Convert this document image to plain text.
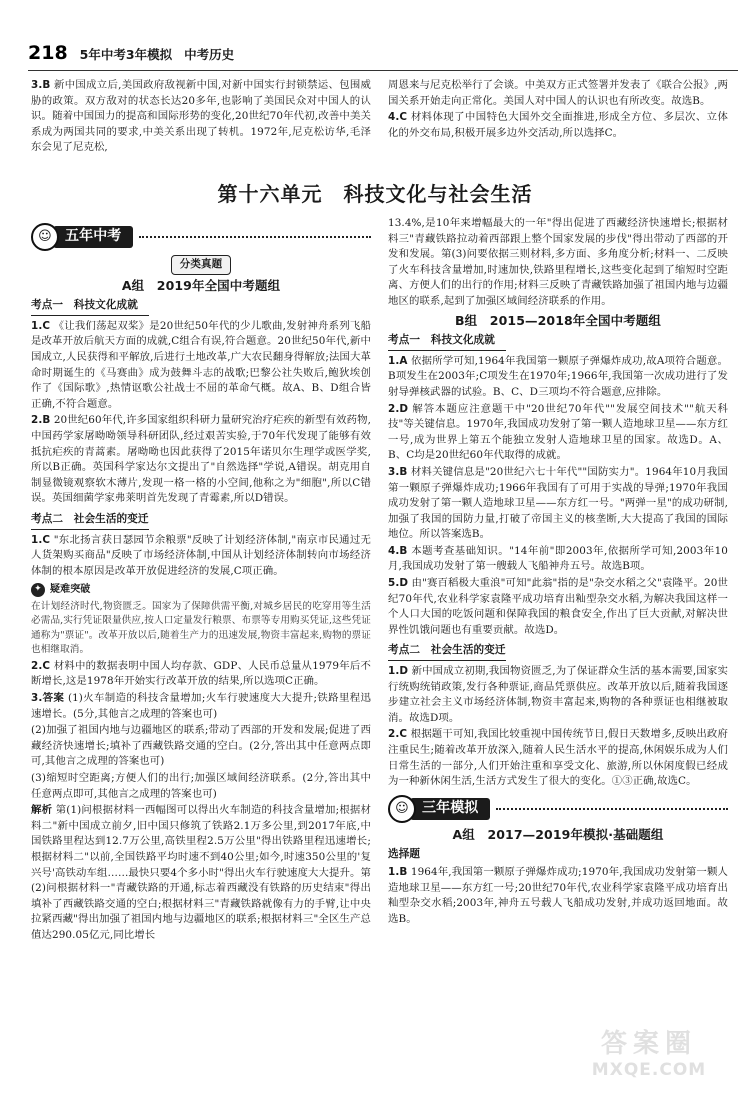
218 5年中考3年模拟 中考历史

3.B 新中国成立后,美国政府敌视新中国,对新中国实行封锁禁运、包围威胁的政策。双方敌对的状态长达20多年,也影响了美国民众对中国人的认识。随着中国国力的提高和国际形势的变化,20世纪70年代初,改善中美关系成为两国共同的要求,中美关系出现了转机。1972年,尼克松访华,毛泽东会见了尼克松,

周恩来与尼克松举行了会谈。中美双方正式签署并发表了《联合公报》,两国关系开始走向正常化。美国人对中国人的认识也有所改变。故选B。

4.C 材料体现了中国特色大国外交全面推进,形成全方位、多层次、立体化的外交布局,积极开展多边外交活动,所以选择C。

第十六单元　科技文化与社会生活
☺ 五年中考
分类真题
A组　2019年全国中考题组
考点一　科技文化成就

1.C 《让我们荡起双桨》是20世纪50年代的少儿歌曲,发射神舟系列飞船是改革开放后航天方面的成就,C组合有误,符合题意。20世纪50年代,新中国成立,人民获得和平解放,后进行土地改革,广大农民翻身得解放;法国大革命时期诞生的《马赛曲》成为鼓舞斗志的战歌;巴黎公社失败后,鲍狄埃创作了《国际歌》,热情讴歌公社战士不屈的革命气概。故A、B、D组合皆正确,不符合题意。

2.B 20世纪60年代,许多国家组织科研力量研究治疗疟疾的新型有效药物,中国药学家屠呦呦领导科研团队,经过艰苦实验,于70年代发现了能够有效抵抗疟疾的青蒿素。屠呦呦也因此获得了2015年诺贝尔生理学或医学奖,所以B正确。英国科学家达尔文提出了"自然选择"学说,A错误。胡克用自制显微镜观察软木薄片,发现一格一格的小空间,他称之为"细胞",所以C错误。英国细菌学家弗莱明首先发现了青霉素,所以D错误。

考点二　社会生活的变迁

1.C "东北扬言获日瑟园节余粮票"反映了计划经济体制,"南京市民通过无人货架购买商品"反映了市场经济体制,中国从计划经济体制转向市场经济体制的根本原因是改革开放促进经济的发展,C项正确。

✦ 疑难突破

在计划经济时代,物资匮乏。国家为了保障供需平衡,对城乡居民的吃穿用等生活必需品,实行凭证限量供应,按人口定量发行粮票、布票等专用购买凭证,这些凭证通称为"票证"。改革开放以后,随着生产力的迅速发展,物资丰富起来,购物的票证也相继取消。

2.C 材料中的数据表明中国人均存款、GDP、人民币总量从1979年后不断增长,这是1978年开始实行改革开放的结果,所以选项C正确。

3.答案 (1)火车制造的科技含量增加;火车行驶速度大大提升;铁路里程迅速增长。(5分,其他言之成理的答案也可)

(2)加强了祖国内地与边疆地区的联系;带动了西部的开发和发展;促进了西藏经济快速增长;填补了西藏铁路交通的空白。(2分,答出其中任意两点即可,其他言之成理的答案也可)

(3)缩短时空距离;方便人们的出行;加强区域间经济联系。(2分,答出其中任意两点即可,其他言之成理的答案也可)

解析 第(1)问根据材料一西幅图可以得出火车制造的科技含量增加;根据材料二"新中国成立前夕,旧中国只修筑了铁路2.1万多公里,到2017年底,中国铁路里程达到12.7万公里,高铁里程2.5万公里"得出铁路里程迅速增长;根据材料二"以前,全国铁路平均时速不到40公里;如今,时速350公里的'复兴号'高铁动车组……最快只要4个多小时"得出火车行驶速度大大提升。第(2)问根据材料一"青藏铁路的开通,标志着西藏没有铁路的历史结束"得出填补了西藏铁路交通的空白;根据材料三"青藏铁路就像有力的手臂,让中央拉紧西藏"得出加强了祖国内地与边疆地区的联系;根据材料三"全区生产总值达290.05亿元,同比增长

13.4%,是10年来增幅最大的一年"得出促进了西藏经济快速增长;根据材料三"青藏铁路拉动着西部跟上整个国家发展的步伐"得出带动了西部的开发和发展。第(3)问要依据三则材料,多方面、多角度分析;材料一、二反映了火车科技含量增加,时速加快,铁路里程增长,这些变化起到了缩短时空距离、方便人们的出行的作用;材料三反映了青藏铁路加强了祖国内地与边疆地区的联系,起到了加强区域间经济联系的作用。

B组　2015—2018年全国中考题组
考点一　科技文化成就

1.A 依据所学可知,1964年我国第一颗原子弹爆炸成功,故A项符合题意。B项发生在2003年;C项发生在1970年;1966年,我国第一次成功进行了发射导弹核武器的试验。B、C、D三项均不符合题意,应排除。

2.D 解答本题应注意题干中"20世纪70年代""发展空间技术""航天科技"等关键信息。1970年,我国成功发射了第一颗人造地球卫星——东方红一号,成为世界上第五个能独立发射人造地球卫星的国家。故选D。A、B、C均是20世纪60年代取得的成就。

3.B 材料关键信息是"20世纪六七十年代""国防实力"。1964年10月我国第一颗原子弹爆炸成功;1966年我国有了可用于实战的导弹;1970年我国成功发射了第一颗人造地球卫星——东方红一号。"两弹一星"的成功研制,加强了我国的国防力量,打破了帝国主义的核垄断,大大提高了我国的国际地位。所以答案选B。

4.B 本题考查基础知识。"14年前"即2003年,依据所学可知,2003年10月,我国成功发射了第一艘载人飞船神舟五号。故选B项。

5.D 由"赛百稻极大重浪"可知"此翁"指的是"杂交水稻之父"袁隆平。20世纪70年代,农业科学家袁隆平成功培育出籼型杂交水稻,为解决我国这样一个人口大国的吃饭问题和保障我国的粮食安全,作出了巨大贡献,对解决世界性饥饿问题也有重要贡献。故选D。

考点二　社会生活的变迁

1.D 新中国成立初期,我国物资匮乏,为了保证群众生活的基本需要,国家实行统购统销政策,发行各种票证,商品凭票供应。改革开放以后,随着我国逐步建立社会主义市场经济体制,物资丰富起来,购物的各种票证也相继被取消。故选D项。

2.C 根据题干可知,我国比较重视中国传统节日,假日天数增多,反映出政府注重民生;随着改革开放深入,随着人民生活水平的提高,休闲娱乐成为人们日常生活的一部分,人们开始注重和享受文化、旅游,所以休闲度假已经成为一种新休闲生活,生活方式发生了很大的变化。①③正确,故选C。

☺ 三年模拟
A组　2017—2019年模拟·基础题组
选择题

1.B 1964年,我国第一颗原子弹爆炸成功;1970年,我国成功发射第一颗人造地球卫星——东方红一号;20世纪70年代,农业科学家袁隆平成功培育出籼型杂交水稻;2003年,神舟五号载人飞船成功发射,并成功返回地面。故选B。

答案圈
MXQE.COM
